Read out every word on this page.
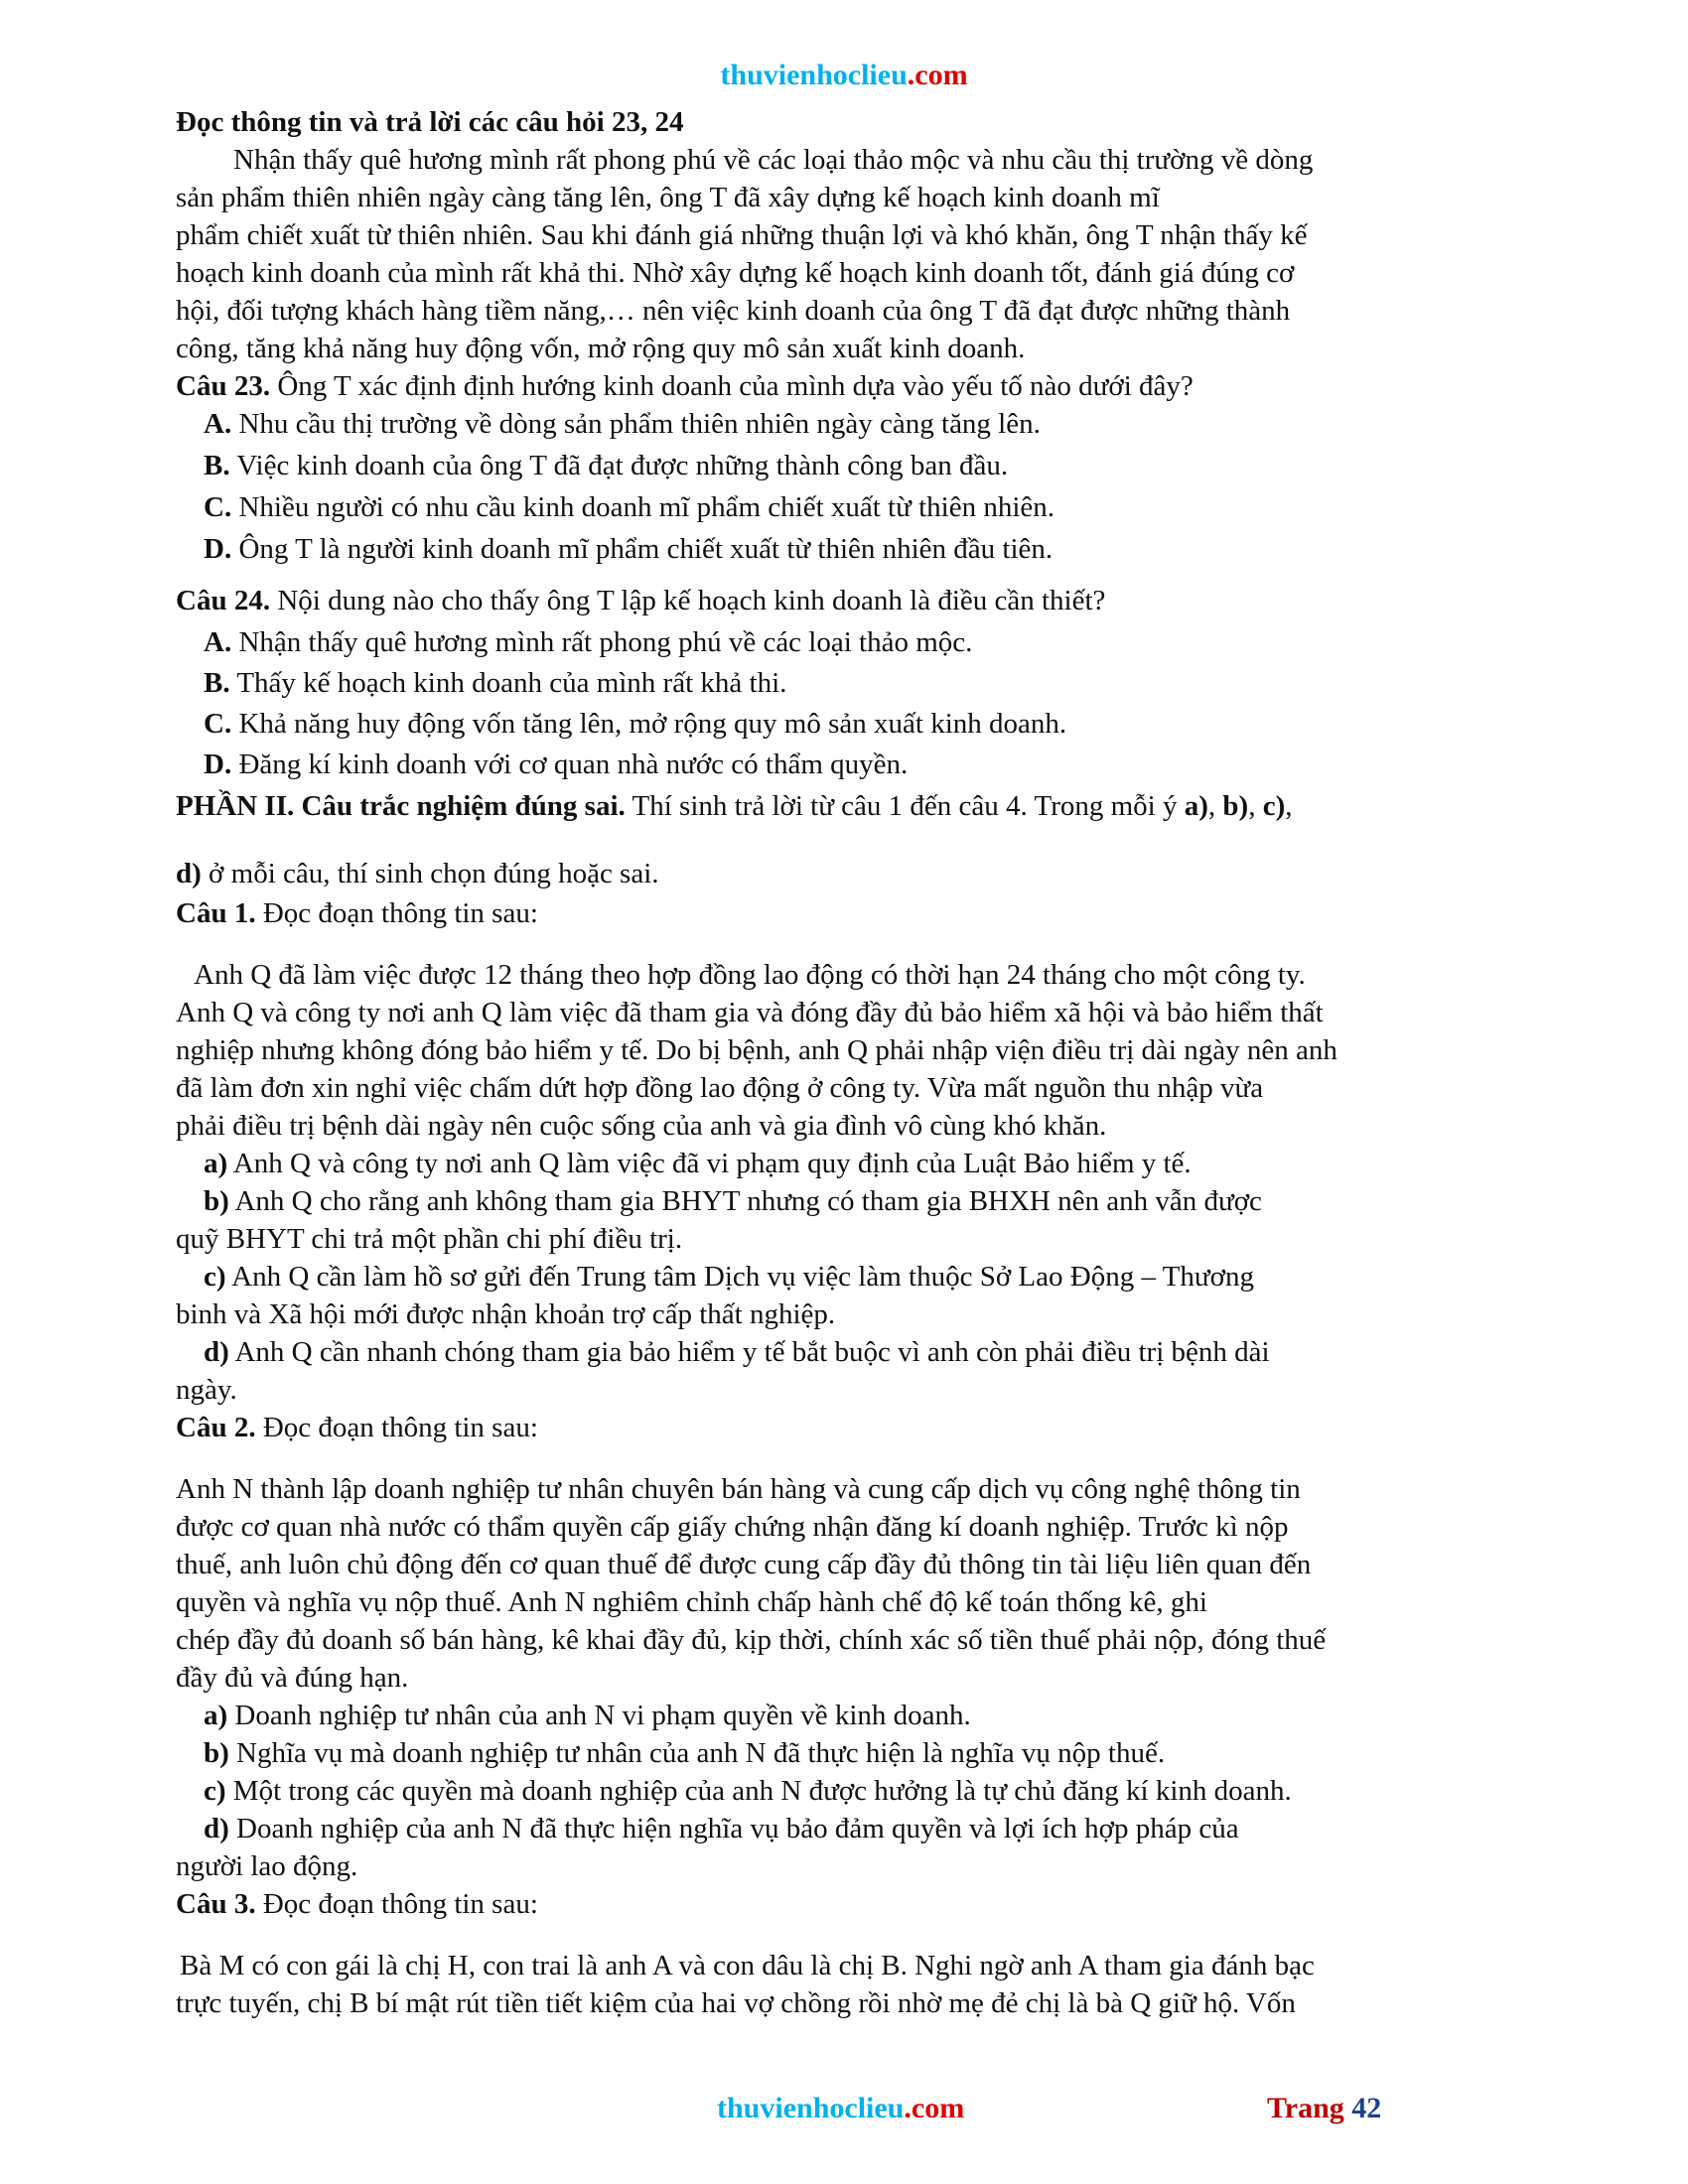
thuvienhoclieu.com

Đọc thông tin và trả lời các câu hỏi 23, 24

Nhận thấy quê hương mình rất phong phú về các loại thảo mộc và nhu cầu thị trường về dòng

sản phẩm thiên nhiên ngày càng tăng lên, ông T đã xây dựng kế hoạch kinh doanh mĩ

phẩm chiết xuất từ thiên nhiên. Sau khi đánh giá những thuận lợi và khó khăn, ông T nhận thấy kế

hoạch kinh doanh của mình rất khả thi. Nhờ xây dựng kế hoạch kinh doanh tốt, đánh giá đúng cơ

hội, đối tượng khách hàng tiềm năng,… nên việc kinh doanh của ông T đã đạt được những thành

công, tăng khả năng huy động vốn, mở rộng quy mô sản xuất kinh doanh.

Câu 23. Ông T xác định định hướng kinh doanh của mình dựa vào yếu tố nào dưới đây?

A. Nhu cầu thị trường về dòng sản phẩm thiên nhiên ngày càng tăng lên.

B. Việc kinh doanh của ông T đã đạt được những thành công ban đầu.

C. Nhiều người có nhu cầu kinh doanh mĩ phẩm chiết xuất từ thiên nhiên.

D. Ông T là người kinh doanh mĩ phẩm chiết xuất từ thiên nhiên đầu tiên.

Câu 24. Nội dung nào cho thấy ông T lập kế hoạch kinh doanh là điều cần thiết?

A. Nhận thấy quê hương mình rất phong phú về các loại thảo mộc.

B. Thấy kế hoạch kinh doanh của mình rất khả thi.

C. Khả năng huy động vốn tăng lên, mở rộng quy mô sản xuất kinh doanh.

D. Đăng kí kinh doanh với cơ quan nhà nước có thẩm quyền.

PHẦN II. Câu trắc nghiệm đúng sai. Thí sinh trả lời từ câu 1 đến câu 4. Trong mỗi ý a), b), c),

d) ở mỗi câu, thí sinh chọn đúng hoặc sai.

Câu 1. Đọc đoạn thông tin sau:

Anh Q đã làm việc được 12 tháng theo hợp đồng lao động có thời hạn 24 tháng cho một công ty.

Anh Q và công ty nơi anh Q làm việc đã tham gia và đóng đầy đủ bảo hiểm xã hội và bảo hiểm thất

nghiệp nhưng không đóng bảo hiểm y tế. Do bị bệnh, anh Q phải nhập viện điều trị dài ngày nên anh

đã làm đơn xin nghỉ việc chấm dứt hợp đồng lao động ở công ty. Vừa mất nguồn thu nhập vừa

phải điều trị bệnh dài ngày nên cuộc sống của anh và gia đình vô cùng khó khăn.

a) Anh Q và công ty nơi anh Q làm việc đã vi phạm quy định của Luật Bảo hiểm y tế.

b) Anh Q cho rằng anh không tham gia BHYT nhưng có tham gia BHXH nên anh vẫn được

quỹ BHYT chi trả một phần chi phí điều trị.

c) Anh Q cần làm hồ sơ gửi đến Trung tâm Dịch vụ việc làm thuộc Sở Lao Động – Thương

binh và Xã hội mới được nhận khoản trợ cấp thất nghiệp.

d) Anh Q cần nhanh chóng tham gia bảo hiểm y tế bắt buộc vì anh còn phải điều trị bệnh dài

ngày.

Câu 2. Đọc đoạn thông tin sau:

Anh N thành lập doanh nghiệp tư nhân chuyên bán hàng và cung cấp dịch vụ công nghệ thông tin

được cơ quan nhà nước có thẩm quyền cấp giấy chứng nhận đăng kí doanh nghiệp. Trước kì nộp

thuế, anh luôn chủ động đến cơ quan thuế để được cung cấp đầy đủ thông tin tài liệu liên quan đến

quyền và nghĩa vụ nộp thuế. Anh N nghiêm chỉnh chấp hành chế độ kế toán thống kê, ghi

chép đầy đủ doanh số bán hàng, kê khai đầy đủ, kịp thời, chính xác số tiền thuế phải nộp, đóng thuế

đầy đủ và đúng hạn.

a) Doanh nghiệp tư nhân của anh N vi phạm quyền về kinh doanh.

b) Nghĩa vụ mà doanh nghiệp tư nhân của anh N đã thực hiện là nghĩa vụ nộp thuế.

c) Một trong các quyền mà doanh nghiệp của anh N được hưởng là tự chủ đăng kí kinh doanh.

d) Doanh nghiệp của anh N đã thực hiện nghĩa vụ bảo đảm quyền và lợi ích hợp pháp của

người lao động.

Câu 3. Đọc đoạn thông tin sau:

Bà M có con gái là chị H, con trai là anh A và con dâu là chị B. Nghi ngờ anh A tham gia đánh bạc

trực tuyến, chị B bí mật rút tiền tiết kiệm của hai vợ chồng rồi nhờ mẹ đẻ chị là bà Q giữ hộ. Vốn

thuvienhoclieu.com	Trang 42
